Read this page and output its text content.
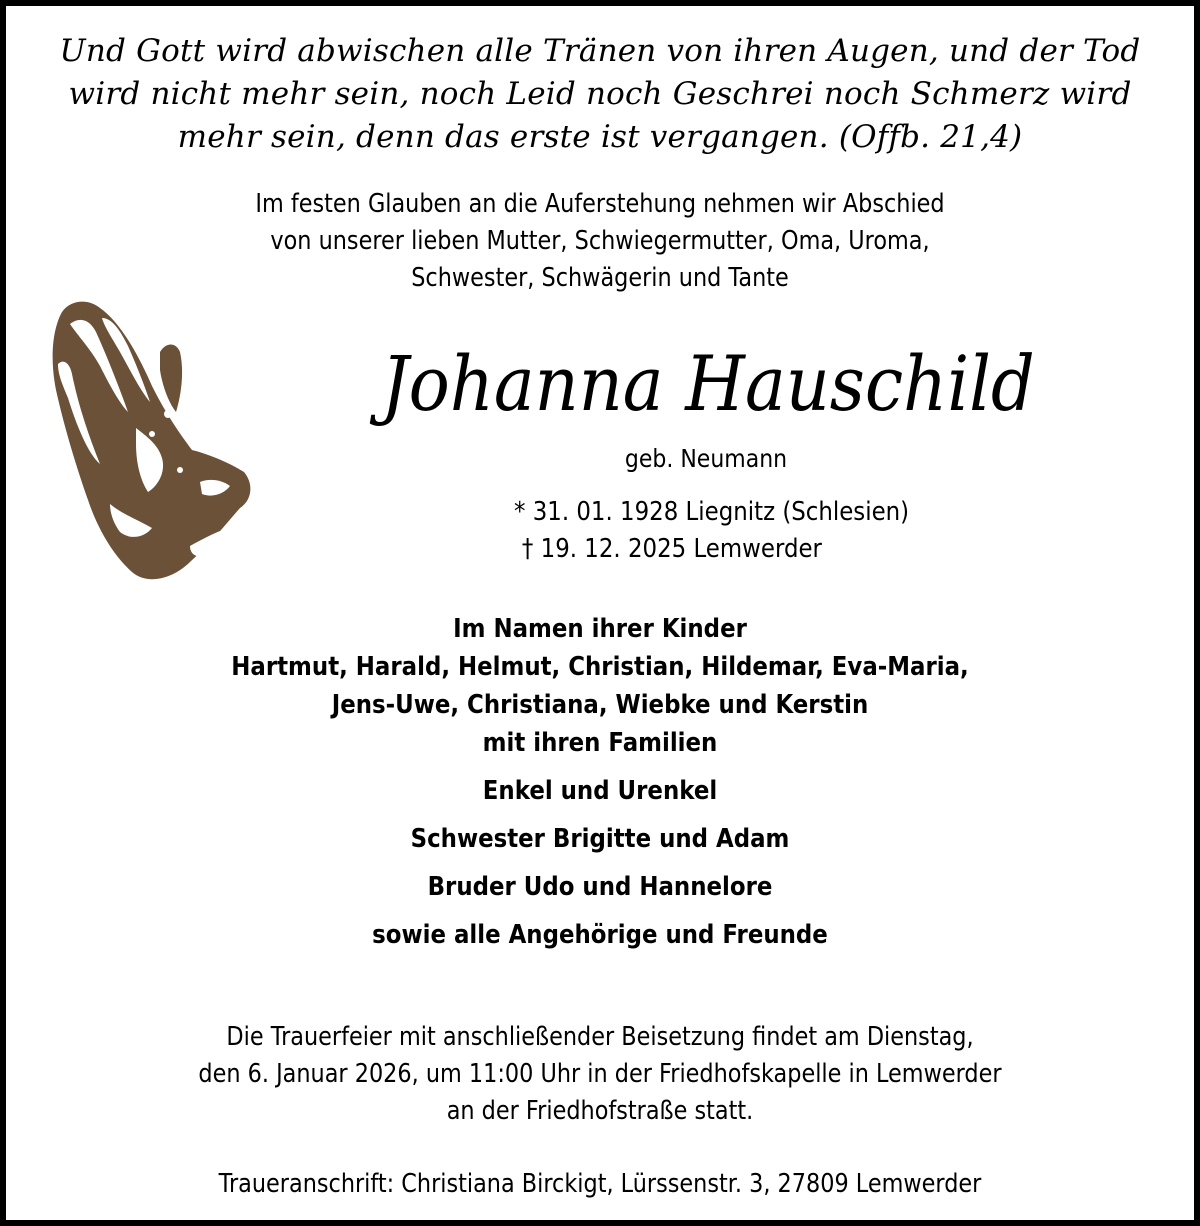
Und Gott wird abwischen alle Tränen von ihren Augen, und der Tod
wird nicht mehr sein, noch Leid noch Geschrei noch Schmerz wird
mehr sein, denn das erste ist vergangen. (Offb. 21,4)
Im festen Glauben an die Auferstehung nehmen wir Abschied
von unserer lieben Mutter, Schwiegermutter, Oma, Uroma,
Schwester, Schwägerin und Tante
Johanna Hauschild
geb. Neumann
* 31. 01. 1928 Liegnitz (Schlesien)
† 19. 12. 2025 Lemwerder
Im Namen ihrer Kinder
Hartmut, Harald, Helmut, Christian, Hildemar, Eva-Maria,
Jens-Uwe, Christiana, Wiebke und Kerstin
mit ihren Familien
Enkel und Urenkel
Schwester Brigitte und Adam
Bruder Udo und Hannelore
sowie alle Angehörige und Freunde
Die Trauerfeier mit anschließender Beisetzung findet am Dienstag,
den 6. Januar 2026, um 11:00 Uhr in der Friedhofskapelle in Lemwerder
an der Friedhofstraße statt.
Traueranschrift: Christiana Birckigt, Lürssenstr. 3, 27809 Lemwerder
